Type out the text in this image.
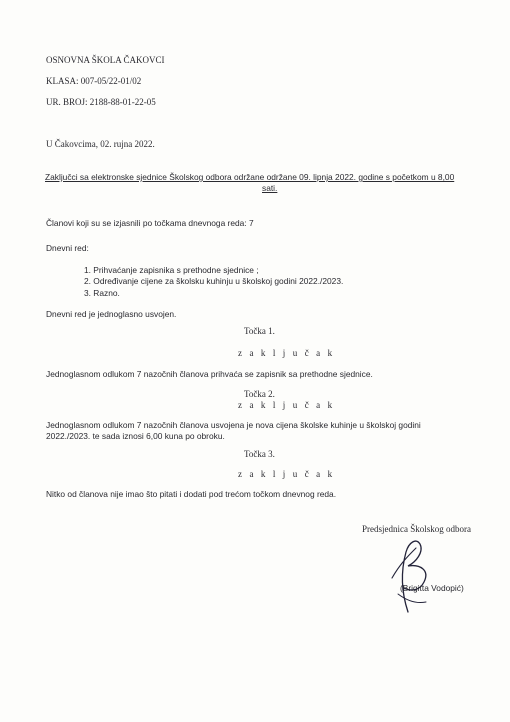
OSNOVNA ŠKOLA ČAKOVCI
KLASA: 007-05/22-01/02
UR. BROJ: 2188-88-01-22-05
U Čakovcima, 02. rujna 2022.
Zaključci sa elektronske sjednice Školskog odbora održane održane 09. lipnja 2022. godine s početkom u 8,00
sati.
Članovi koji su se izjasnili po točkama dnevnoga reda: 7
Dnevni red:
1. Prihvaćanje zapisnika s prethodne sjednice ;
2. Određivanje cijene za školsku kuhinju u školskoj godini 2022./2023.
3. Razno.
Dnevni red je jednoglasno usvojen.
Točka 1.
z a k l j u č a k
Jednoglasnom odlukom 7 nazočnih članova prihvaća se zapisnik sa prethodne sjednice.
Točka 2.
z a k l j u č a k
Jednoglasnom odlukom 7 nazočnih članova usvojena je nova cijena školske kuhinje u školskoj godini
2022./2023. te sada iznosi 6,00 kuna po obroku.
Točka 3.
z a k l j u č a k
Nitko od članova nije imao što pitati i dodati pod trećom točkom dnevnog reda.
Predsjednica Školskog odbora
(Brigitta Vodopić)
